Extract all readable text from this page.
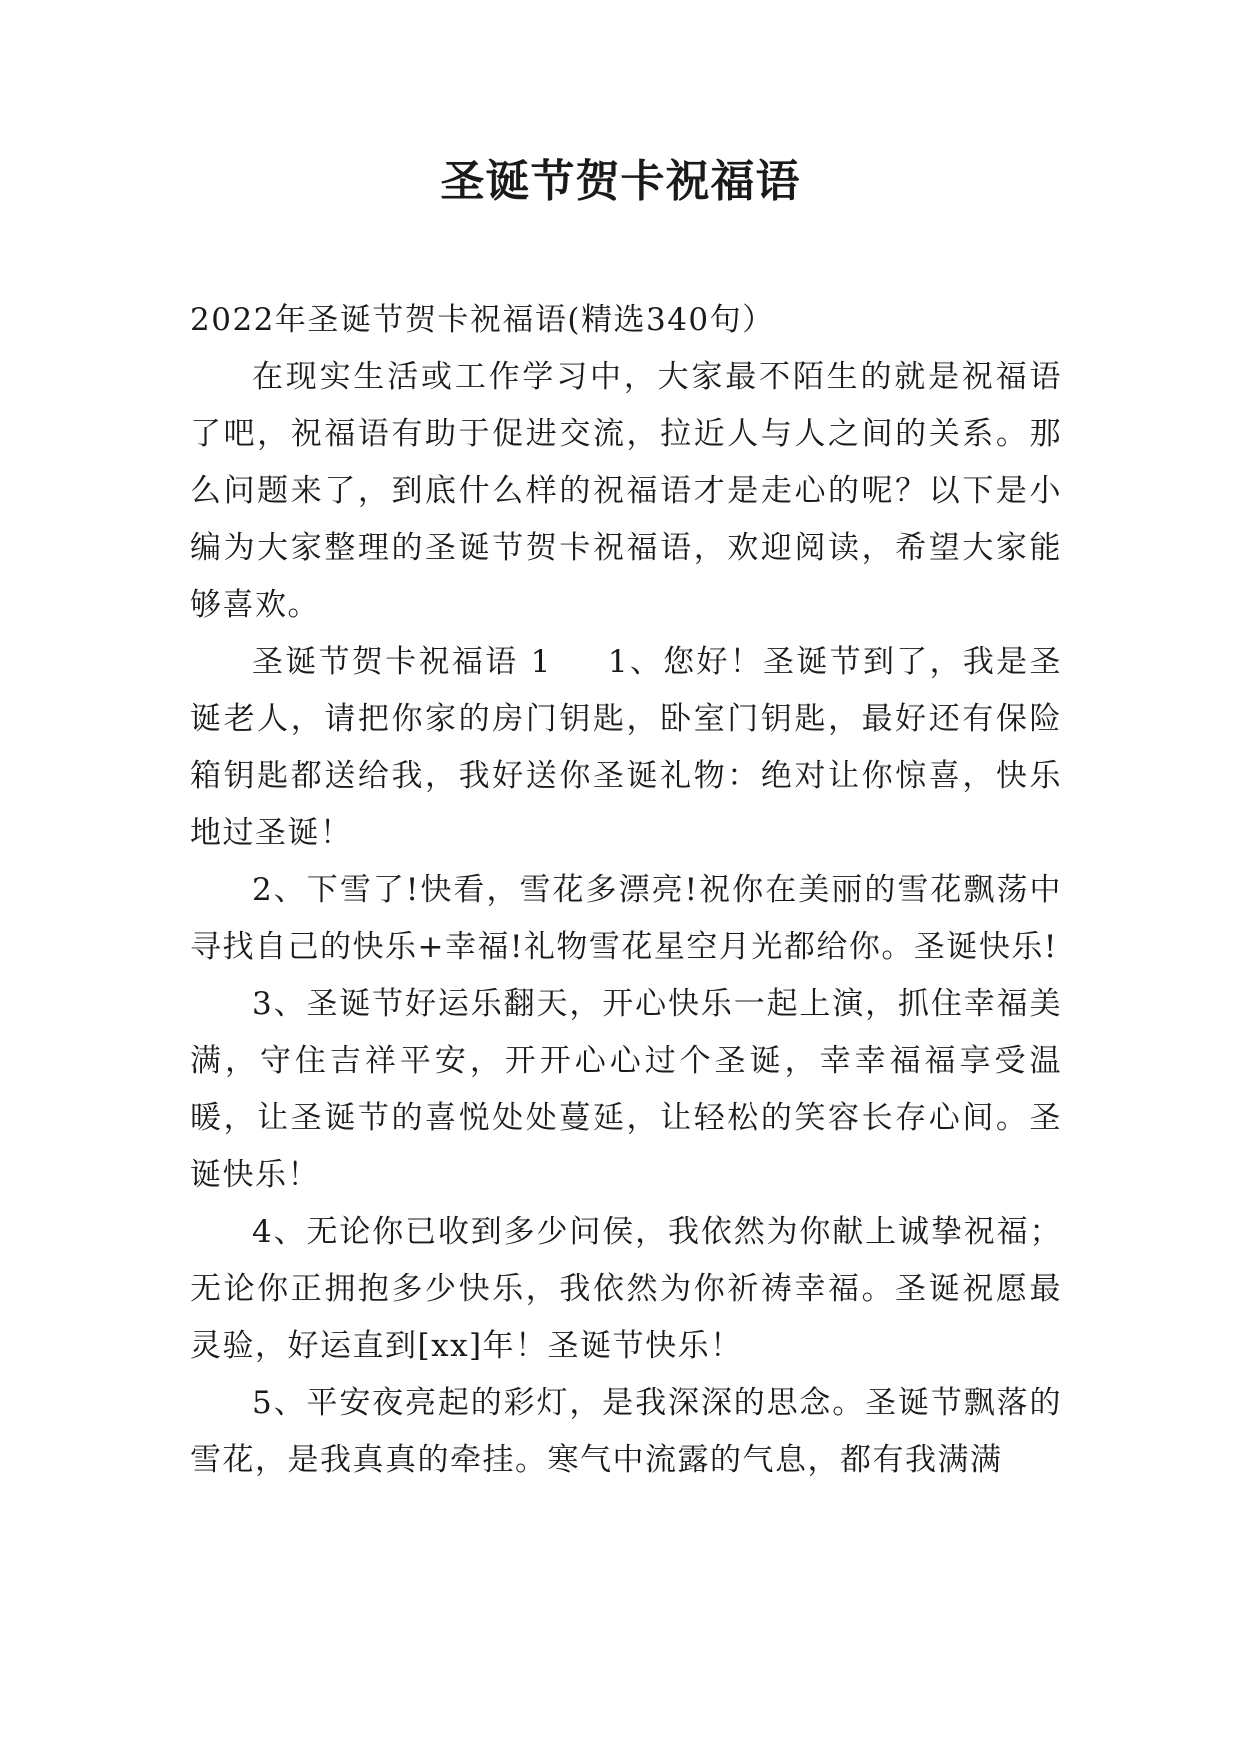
圣诞节贺卡祝福语

2022年圣诞节贺卡祝福语(精选340句）

在现实生活或工作学习中，大家最不陌生的就是祝福语了吧，祝福语有助于促进交流，拉近人与人之间的关系。那么问题来了，到底什么样的祝福语才是走心的呢？以下是小编为大家整理的圣诞节贺卡祝福语，欢迎阅读，希望大家能够喜欢。

圣诞节贺卡祝福语 1 1、您好！圣诞节到了，我是圣诞老人，请把你家的房门钥匙，卧室门钥匙，最好还有保险箱钥匙都送给我，我好送你圣诞礼物：绝对让你惊喜，快乐地过圣诞！

2、下雪了!快看，雪花多漂亮!祝你在美丽的雪花飘荡中寻找自己的快乐+幸福!礼物雪花星空月光都给你。圣诞快乐!

3、圣诞节好运乐翻天，开心快乐一起上演，抓住幸福美满，守住吉祥平安，开开心心过个圣诞，幸幸福福享受温暖，让圣诞节的喜悦处处蔓延，让轻松的笑容长存心间。圣诞快乐！

4、无论你已收到多少问侯，我依然为你献上诚挚祝福；无论你正拥抱多少快乐，我依然为你祈祷幸福。圣诞祝愿最灵验，好运直到[xx]年！圣诞节快乐！

5、平安夜亮起的彩灯，是我深深的思念。圣诞节飘落的雪花，是我真真的牵挂。寒气中流露的气息，都有我满满
